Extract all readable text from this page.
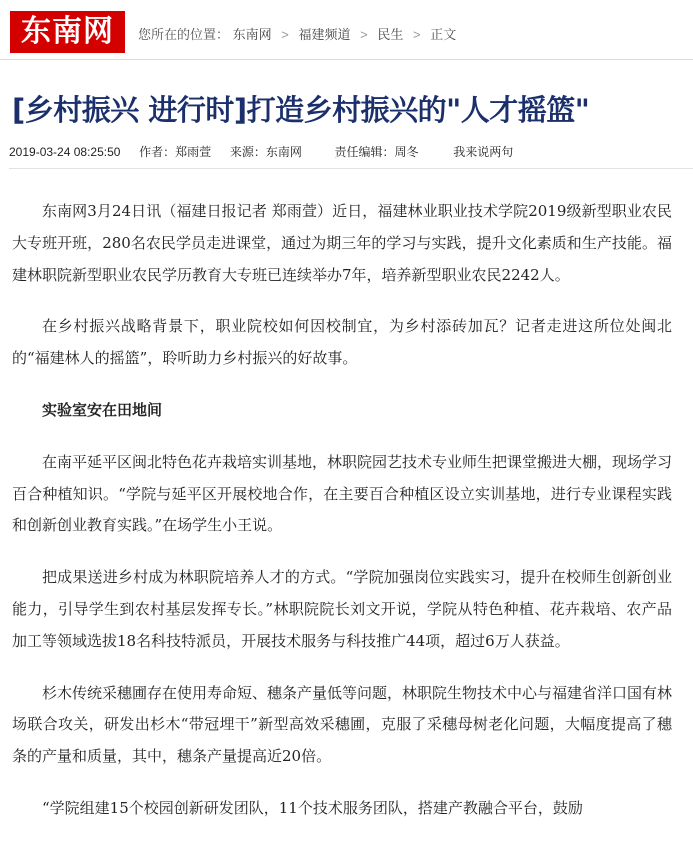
东南网	您所在的位置： 东南网 > 福建频道 > 民生 > 正文
[乡村振兴 进行时]打造乡村振兴的"人才摇篮"
2019-03-24 08:25:50 作者：郑雨萱 来源：东南网	责任编辑：周冬	我来说两句

东南网3月24日讯（福建日报记者 郑雨萱）近日，福建林业职业技术学院2019级新型职业农民大专班开班，280名农民学员走进课堂，通过为期三年的学习与实践，提升文化素质和生产技能。福建林职院新型职业农民学历教育大专班已连续举办7年，培养新型职业农民2242人。

在乡村振兴战略背景下，职业院校如何因校制宜，为乡村添砖加瓦？记者走进这所位处闽北的“福建林人的摇篮”，聆听助力乡村振兴的好故事。

实验室安在田地间

在南平延平区闽北特色花卉栽培实训基地，林职院园艺技术专业师生把课堂搬进大棚，现场学习百合种植知识。“学院与延平区开展校地合作，在主要百合种植区设立实训基地，进行专业课程实践和创新创业教育实践。”在场学生小王说。

把成果送进乡村成为林职院培养人才的方式。“学院加强岗位实践实习，提升在校师生创新创业能力，引导学生到农村基层发挥专长。”林职院院长刘文开说，学院从特色种植、花卉栽培、农产品加工等领域选拔18名科技特派员，开展技术服务与科技推广44项，超过6万人获益。

杉木传统采穗圃存在使用寿命短、穗条产量低等问题，林职院生物技术中心与福建省洋口国有林场联合攻关，研发出杉木“带冠埋干”新型高效采穗圃，克服了采穗母树老化问题，大幅度提高了穗条的产量和质量，其中，穗条产量提高近20倍。

“学院组建15个校园创新研发团队，11个技术服务团队，搭建产教融合平台，鼓励
